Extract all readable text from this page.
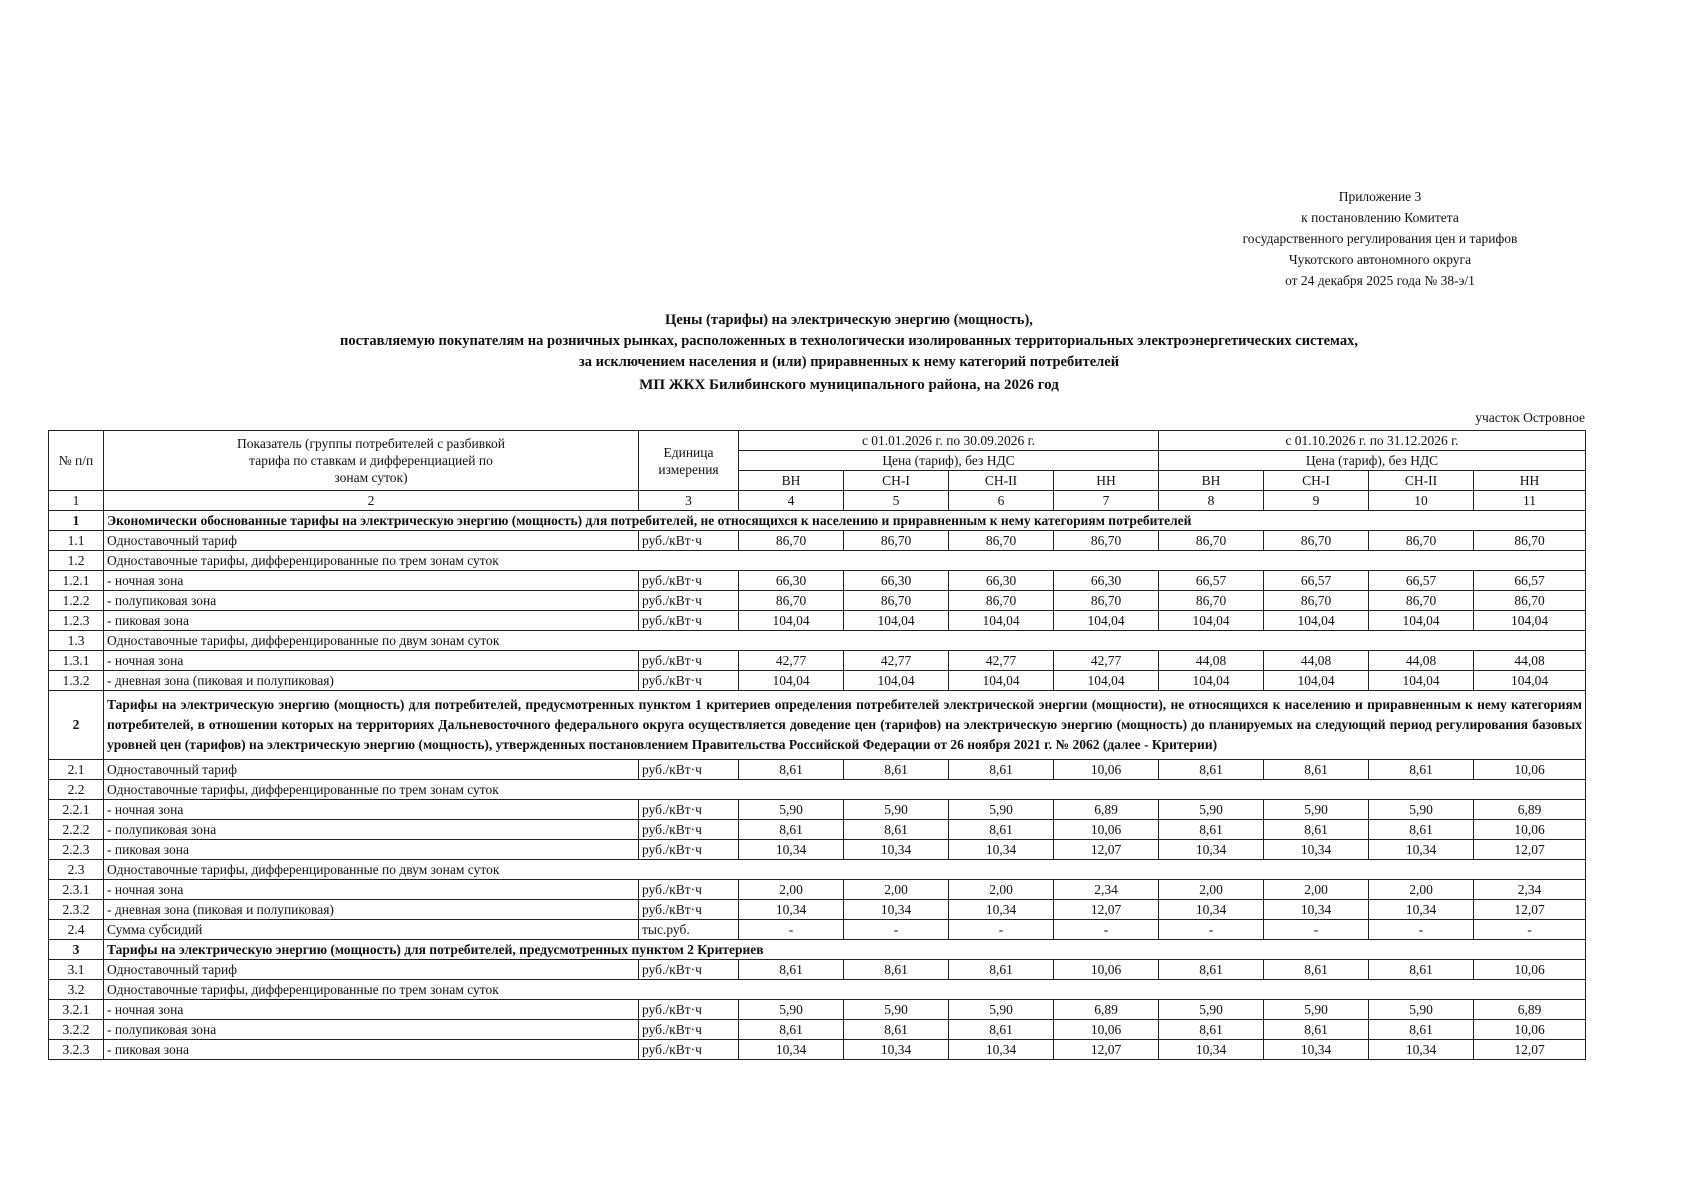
Приложение 3
к постановлению Комитета
государственного регулирования цен и тарифов
Чукотского автономного округа
от 24 декабря 2025 года № 38-э/1
Цены (тарифы) на электрическую энергию (мощность),
поставляемую покупателям на розничных рынках, расположенных в технологически изолированных территориальных электроэнергетических системах,
за исключением населения и (или) приравненных к нему категорий потребителей
МП ЖКХ Билибинского муниципального района, на 2026 год
участок Островное
№ п/п	Показатель (группы потребителей с разбивкой тарифа по ставкам и дифференциацией по зонам суток)	Единица измерения	с 01.01.2026 г. по 30.09.2026 г.				с 01.10.2026 г. по 31.12.2026 г.			
			Цена (тариф), без НДС				Цена (тариф), без НДС			
			ВН	СН-I	СН-II	НН	ВН	СН-I	СН-II	НН
1	2	3	4	5	6	7	8	9	10	11
1	Экономически обоснованные тарифы на электрическую энергию (мощность) для потребителей, не относящихся к населению и приравненным к нему категориям потребителей									
1.1	Одноставочный тариф	руб./кВт·ч	86,70	86,70	86,70	86,70	86,70	86,70	86,70	86,70
1.2	Одноставочные тарифы, дифференцированные по трем зонам суток									
1.2.1	- ночная зона	руб./кВт·ч	66,30	66,30	66,30	66,30	66,57	66,57	66,57	66,57
1.2.2	- полупиковая зона	руб./кВт·ч	86,70	86,70	86,70	86,70	86,70	86,70	86,70	86,70
1.2.3	- пиковая зона	руб./кВт·ч	104,04	104,04	104,04	104,04	104,04	104,04	104,04	104,04
1.3	Одноставочные тарифы, дифференцированные по двум зонам суток									
1.3.1	- ночная зона	руб./кВт·ч	42,77	42,77	42,77	42,77	44,08	44,08	44,08	44,08
1.3.2	- дневная зона (пиковая и полупиковая)	руб./кВт·ч	104,04	104,04	104,04	104,04	104,04	104,04	104,04	104,04
2	Тарифы на электрическую энергию (мощность) для потребителей, предусмотренных пунктом 1 критериев определения потребителей электрической энергии (мощности), не относящихся к населению и приравненным к нему категориям потребителей, в отношении которых на территориях Дальневосточного федерального округа осуществляется доведение цен (тарифов) на электрическую энергию (мощность) до планируемых на следующий период регулирования базовых уровней цен (тарифов) на электрическую энергию (мощность), утвержденных постановлением Правительства Российской Федерации от 26 ноября 2021 г. № 2062 (далее - Критерии)									
2.1	Одноставочный тариф	руб./кВт·ч	8,61	8,61	8,61	10,06	8,61	8,61	8,61	10,06
2.2	Одноставочные тарифы, дифференцированные по трем зонам суток									
2.2.1	- ночная зона	руб./кВт·ч	5,90	5,90	5,90	6,89	5,90	5,90	5,90	6,89
2.2.2	- полупиковая зона	руб./кВт·ч	8,61	8,61	8,61	10,06	8,61	8,61	8,61	10,06
2.2.3	- пиковая зона	руб./кВт·ч	10,34	10,34	10,34	12,07	10,34	10,34	10,34	12,07
2.3	Одноставочные тарифы, дифференцированные по двум зонам суток									
2.3.1	- ночная зона	руб./кВт·ч	2,00	2,00	2,00	2,34	2,00	2,00	2,00	2,34
2.3.2	- дневная зона (пиковая и полупиковая)	руб./кВт·ч	10,34	10,34	10,34	12,07	10,34	10,34	10,34	12,07
2.4	Сумма субсидий	тыс.руб.	-	-	-	-	-	-	-	-
3	Тарифы на электрическую энергию (мощность) для потребителей, предусмотренных пунктом 2 Критериев									
3.1	Одноставочный тариф	руб./кВт·ч	8,61	8,61	8,61	10,06	8,61	8,61	8,61	10,06
3.2	Одноставочные тарифы, дифференцированные по трем зонам суток									
3.2.1	- ночная зона	руб./кВт·ч	5,90	5,90	5,90	6,89	5,90	5,90	5,90	6,89
3.2.2	- полупиковая зона	руб./кВт·ч	8,61	8,61	8,61	10,06	8,61	8,61	8,61	10,06
3.2.3	- пиковая зона	руб./кВт·ч	10,34	10,34	10,34	12,07	10,34	10,34	10,34	12,07
